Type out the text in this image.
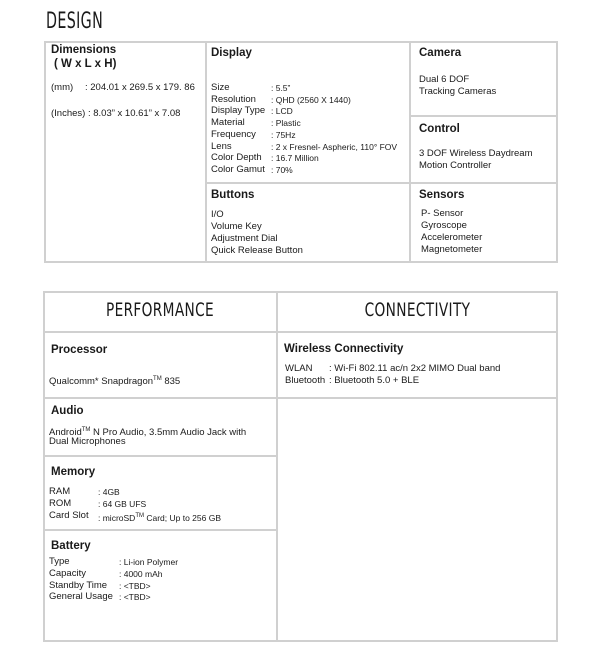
DESIGN
Dimensions
( W x L x H)
(mm) : 204.01 x 269.5 x 179. 86
(Inches) : 8.03” x 10.61” x 7.08
Display
Size	: 5.5”
Resolution : QHD (2560 X 1440)
Display Type : LCD
Material	: Plastic
Frequency : 75Hz
Lens	: 2 x Fresnel- Aspheric, 110° FOV
Color Depth : 16.7 Million
Color Gamut : 70%
Camera
Dual 6 DOF
Tracking Cameras
Control
3 DOF Wireless Daydream
Motion Controller
Buttons
I/O
Volume Key
Adjustment Dial
Quick Release Button
Sensors
P- Sensor
Gyroscope
Accelerometer
Magnetometer
PERFORMANCE	CONNECTIVITY
Processor
Qualcomm* Snapdragon™ 835
Wireless Connectivity
WLAN : Wi-Fi 802.11 ac/n 2x2 MIMO Dual band
Bluetooth : Bluetooth 5.0 + BLE
Audio
Android™ N Pro Audio, 3.5mm Audio Jack with
Dual Microphones
Memory
RAM	: 4GB
ROM	: 64 GB UFS
Card Slot : microSD™ Card; Up to 256 GB
Battery
Type	: Li-ion Polymer
Capacity	: 4000 mAh
Standby Time : <TBD>
General Usage : <TBD>
